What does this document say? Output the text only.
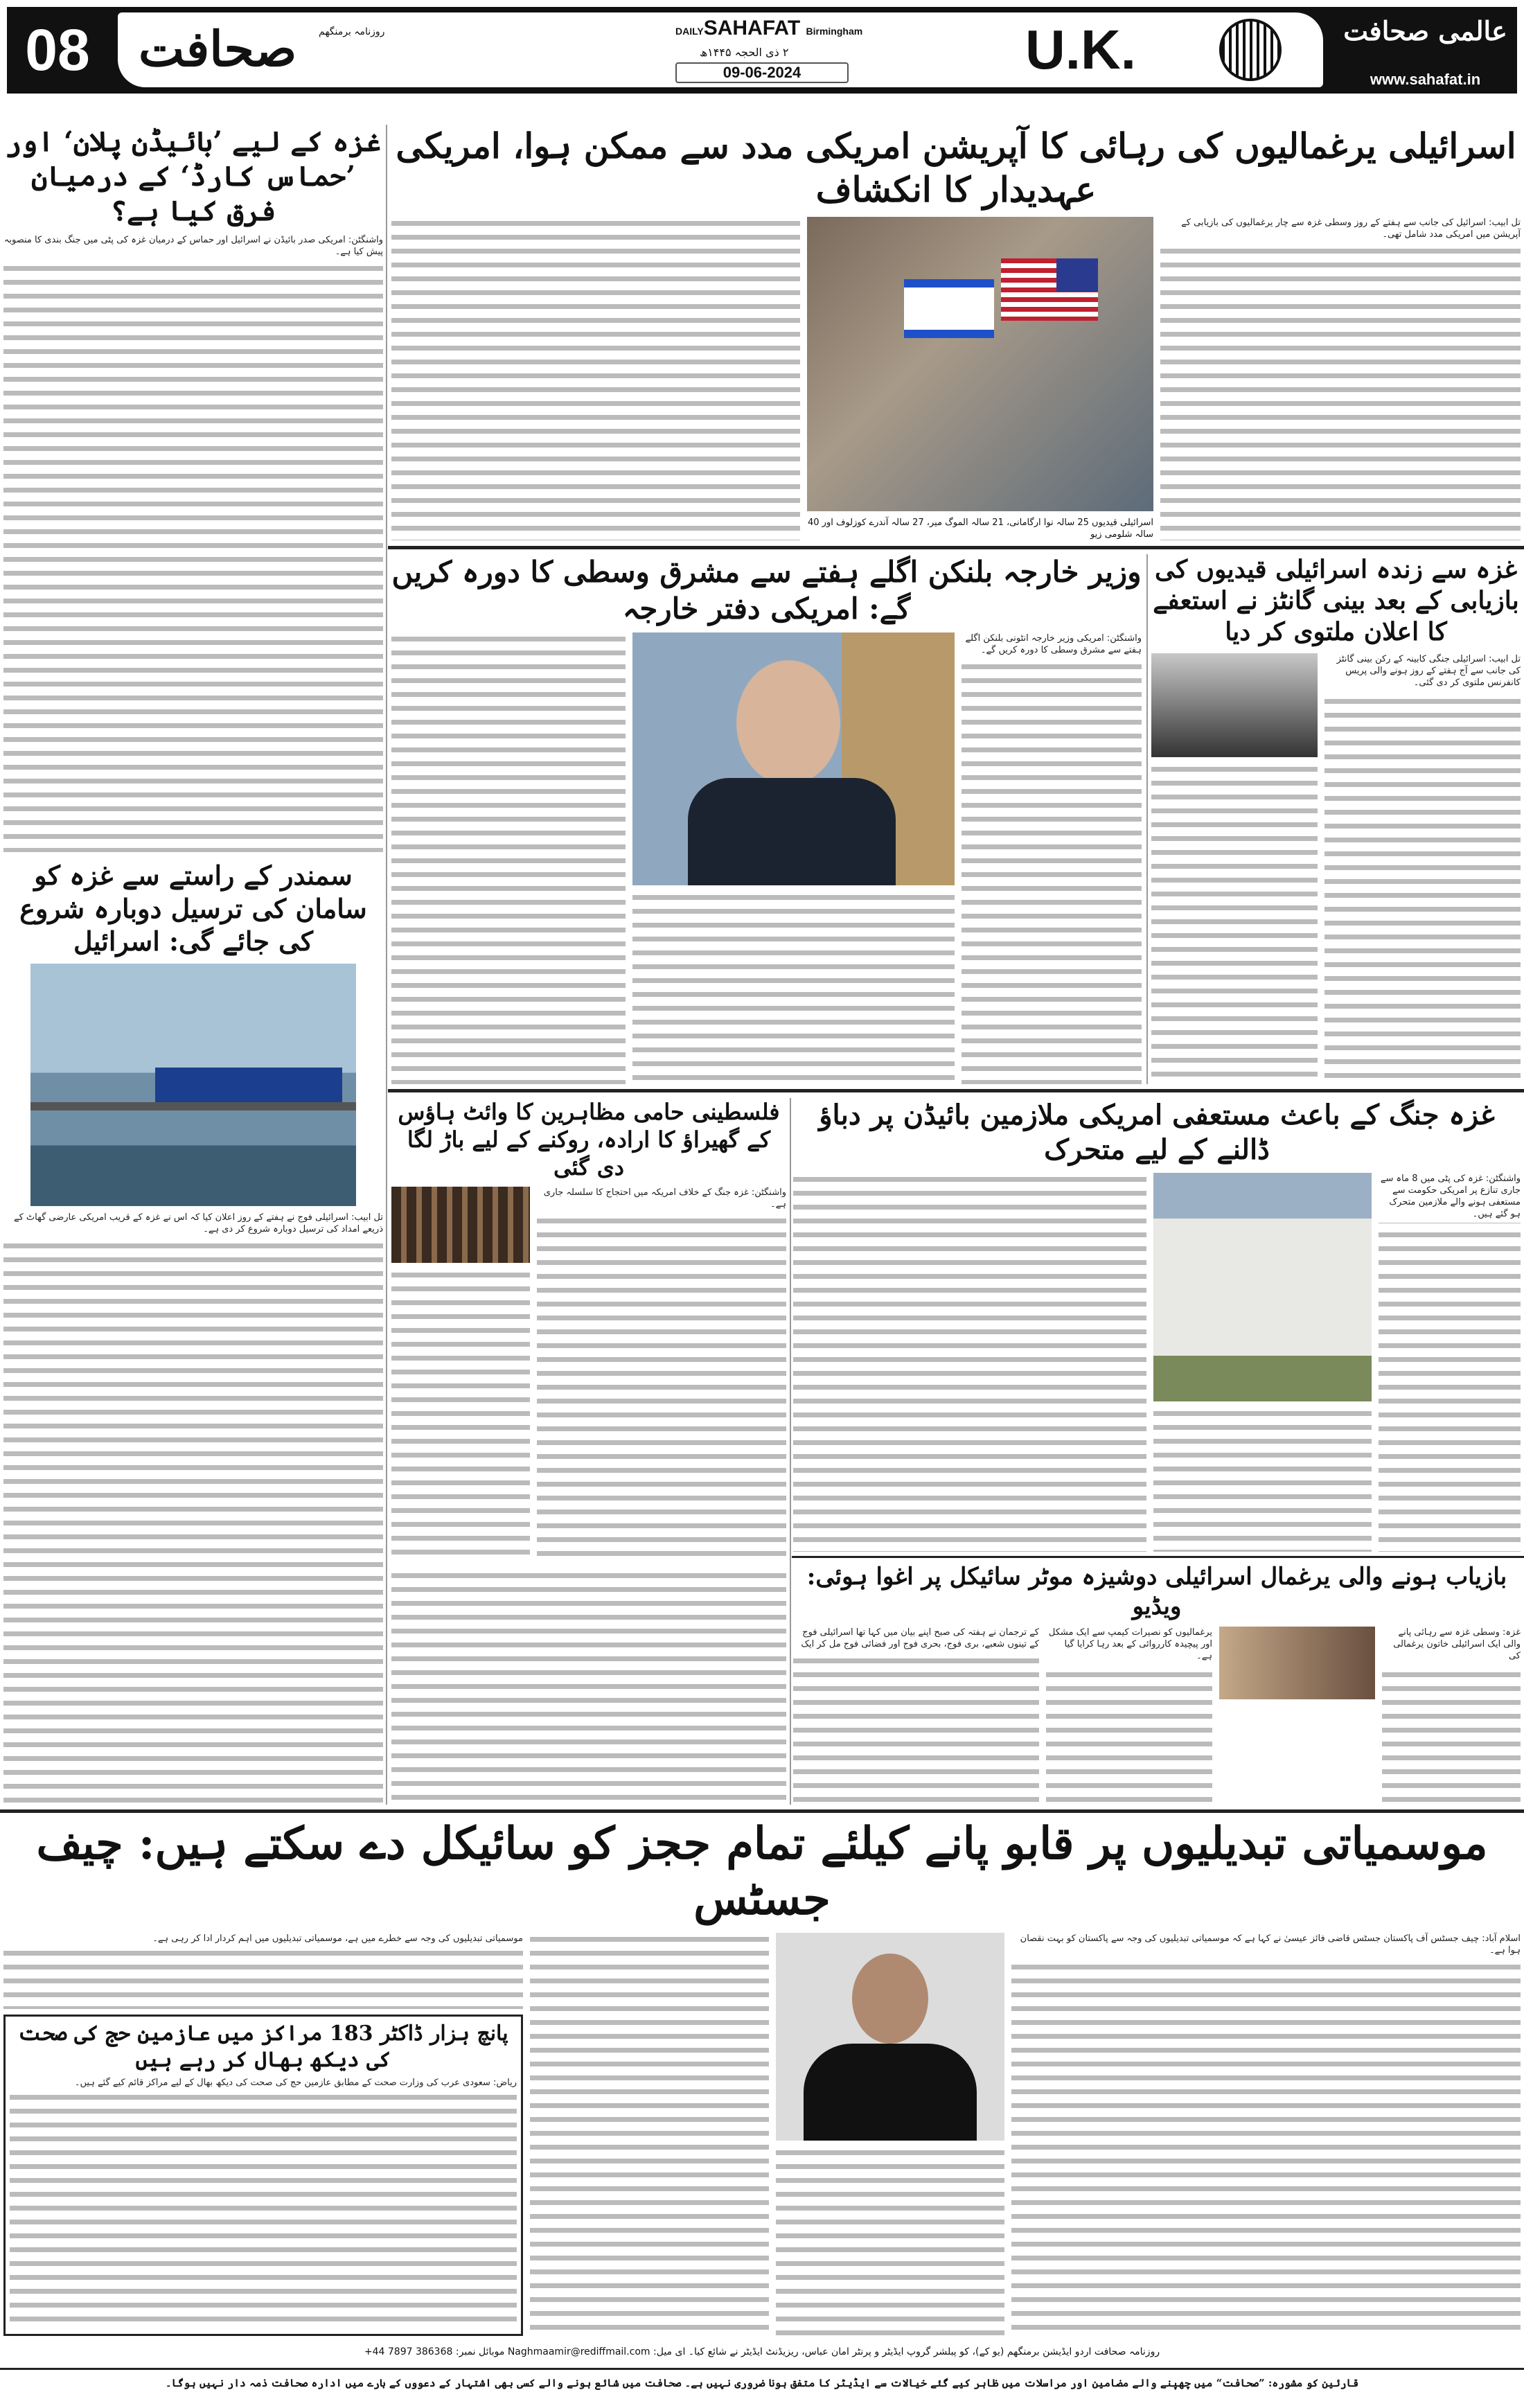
08 صحافت روزنامہ برمنگھم	DAILYSAHAFAT Birmingham
۲ ذی الحجہ ۱۴۴۵ھ
09-06-2024	U.K.	عالمی صحافت
www.sahafat.in
غزہ کے لیے ’بائیڈن پلان‘ اور ’حماس کارڈ‘ کے درمیان فرق کیا ہے؟
واشنگٹن: امریکی صدر بائیڈن نے اسرائیل اور حماس کے درمیان غزہ کی پٹی میں جنگ بندی کا منصوبہ پیش کیا ہے۔
سمندر کے راستے سے غزہ کو سامان کی ترسیل دوبارہ شروع کی جائے گی: اسرائیل
تل ابیب: اسرائیلی فوج نے ہفتے کے روز اعلان کیا کہ اس نے غزہ کے قریب امریکی عارضی گھاٹ کے ذریعے امداد کی ترسیل دوبارہ شروع کر دی ہے۔
اسرائیلی یرغمالیوں کی رہائی کا آپریشن امریکی مدد سے ممکن ہوا، امریکی عہدیدار کا انکشاف
تل ابیب: اسرائیل کی جانب سے ہفتے کے روز وسطی غزہ سے چار یرغمالیوں کی بازیابی کے آپریشن میں امریکی مدد شامل تھی۔
اسرائیلی قیدیوں 25 سالہ نوا ارگامانی، 21 سالہ الموگ میر، 27 سالہ آندرے کوزلوف اور 40 سالہ شلومی زیو
وزیر خارجہ بلنکن اگلے ہفتے سے مشرق وسطی کا دورہ کریں گے: امریکی دفتر خارجہ
واشنگٹن: امریکی وزیر خارجہ انٹونی بلنکن اگلے ہفتے سے مشرق وسطی کا دورہ کریں گے۔
غزہ سے زندہ اسرائیلی قیدیوں کی بازیابی کے بعد بینی گانٹز نے استعفے کا اعلان ملتوی کر دیا
تل ابیب: اسرائیلی جنگی کابینہ کے رکن بینی گانٹز کی جانب سے آج ہفتے کے روز ہونے والی پریس کانفرنس ملتوی کر دی گئی۔
فلسطینی حامی مظاہرین کا وائٹ ہاؤس کے گھیراؤ کا ارادہ، روکنے کے لیے باڑ لگا دی گئی
واشنگٹن: غزہ جنگ کے خلاف امریکہ میں احتجاج کا سلسلہ جاری ہے۔
غزہ جنگ کے باعث مستعفی امریکی ملازمین بائیڈن پر دباؤ ڈالنے کے لیے متحرک
واشنگٹن: غزہ کی پٹی میں 8 ماہ سے جاری تنازع پر امریکی حکومت سے مستعفی ہونے والے ملازمین متحرک ہو گئے ہیں۔
بازیاب ہونے والی یرغمال اسرائیلی دوشیزہ موٹر سائیکل پر اغوا ہوئی: ویڈیو
غزہ: وسطی غزہ سے رہائی پانے والی ایک اسرائیلی خاتون یرغمالی کی
یرغمالیوں کو نصیرات کیمپ سے ایک مشکل اور پیچیدہ کارروائی کے بعد رہا کرایا گیا ہے۔
کے ترجمان نے ہفتہ کی صبح اپنے بیان میں کہا تھا اسرائیلی فوج کے تینوں شعبے، بری فوج، بحری فوج اور فضائی فوج مل کر ایک
موسمیاتی تبدیلیوں پر قابو پانے کیلئے تمام ججز کو سائیکل دے سکتے ہیں: چیف جسٹس
اسلام آباد: چیف جسٹس آف پاکستان جسٹس قاضی فائز عیسیٰ نے کہا ہے کہ موسمیاتی تبدیلیوں کی وجہ سے پاکستان کو بہت نقصان ہوا ہے۔
موسمیاتی تبدیلیوں کی وجہ سے خطرے میں ہے، موسمیاتی تبدیلیوں میں اہم کردار ادا کر رہی ہے۔
پانچ ہزار ڈاکٹر 183 مراکز میں عازمین حج کی صحت کی دیکھ بھال کر رہے ہیں
ریاض: سعودی عرب کی وزارت صحت کے مطابق عازمین حج کی صحت کی دیکھ بھال کے لیے مراکز قائم کیے گئے ہیں۔
روزنامہ صحافت اردو ایڈیشن برمنگھم (یو کے)، کو پبلشر گروپ ایڈیٹر و پرنٹر امان عباس، ریزیڈنٹ ایڈیٹر نے شائع کیا۔ ای میل: Naghmaamir@rediffmail.com موبائل نمبر: +44 7897 386368
قارئین کو مشورہ: ”صحافت“ میں چھپنے والے مضامین اور مراسلات میں ظاہر کیے گئے خیالات سے ایڈیٹر کا متفق ہونا ضروری نہیں ہے۔ صحافت میں شائع ہونے والے کسی بھی اشتہار کے دعووں کے بارے میں ادارہ صحافت ذمہ دار نہیں ہوگا۔
